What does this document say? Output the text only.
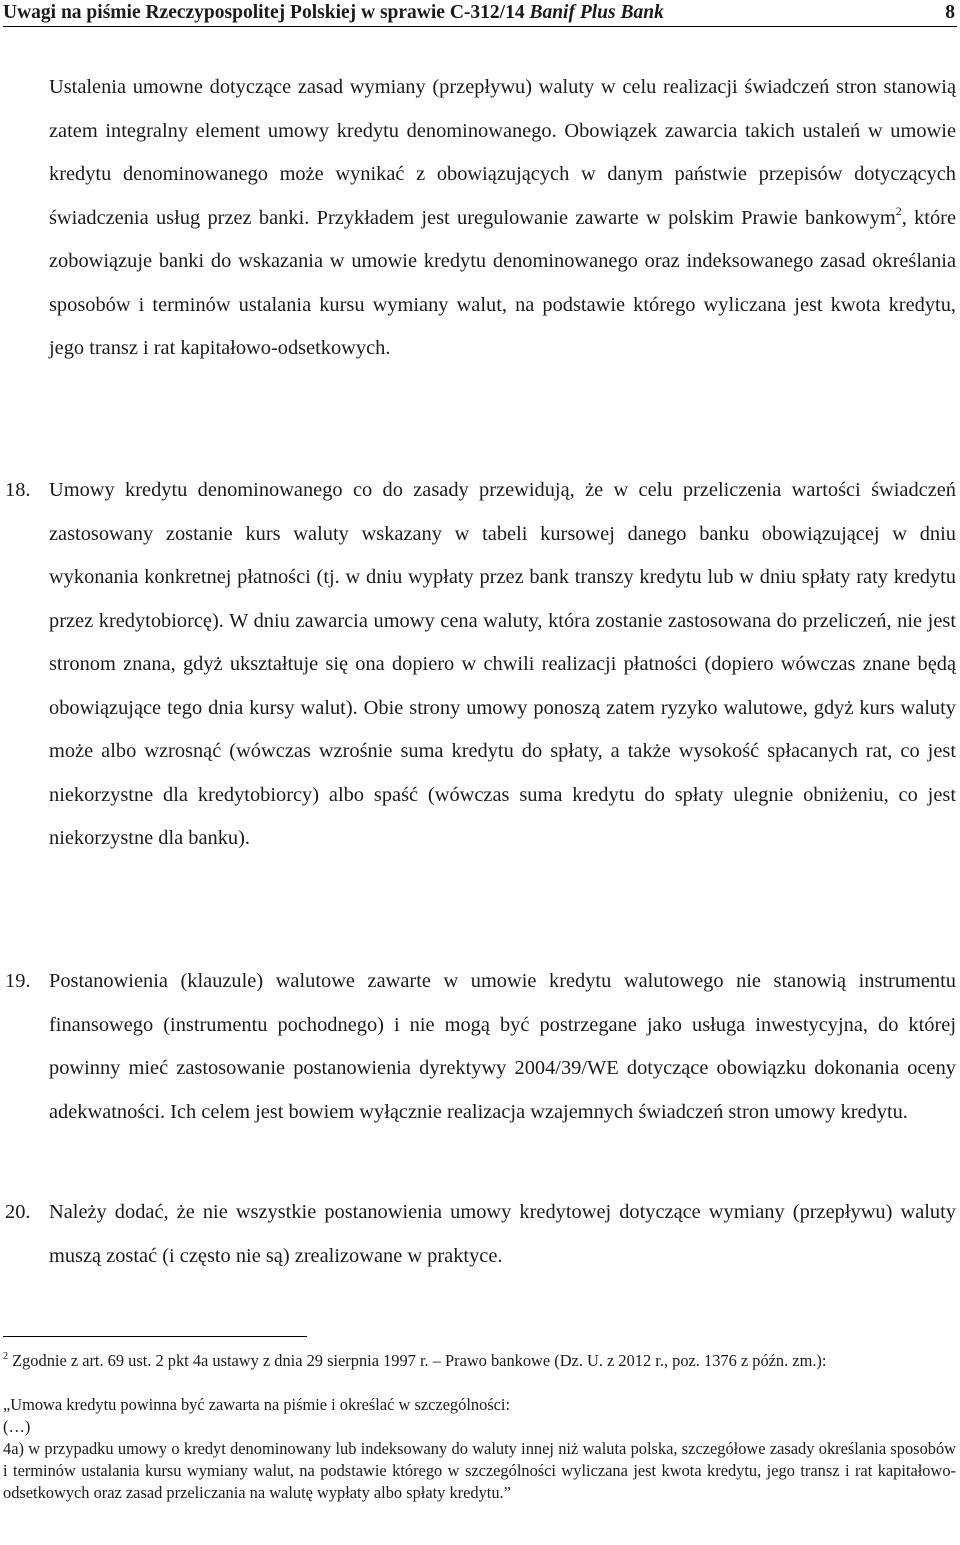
Uwagi na piśmie Rzeczypospolitej Polskiej w sprawie C-312/14 Banif Plus Bank	8

Ustalenia umowne dotyczące zasad wymiany (przepływu) waluty w celu realizacji świadczeń stron stanowią zatem integralny element umowy kredytu denominowanego. Obowiązek zawarcia takich ustaleń w umowie kredytu denominowanego może wynikać z obowiązujących w danym państwie przepisów dotyczących świadczenia usług przez banki. Przykładem jest uregulowanie zawarte w polskim Prawie bankowym$^2$, które zobowiązuje banki do wskazania w umowie kredytu denominowanego oraz indeksowanego zasad określania sposobów i terminów ustalania kursu wymiany walut, na podstawie którego wyliczana jest kwota kredytu, jego transz i rat kapitałowo-odsetkowych.

18. Umowy kredytu denominowanego co do zasady przewidują, że w celu przeliczenia wartości świadczeń zastosowany zostanie kurs waluty wskazany w tabeli kursowej danego banku obowiązującej w dniu wykonania konkretnej płatności (tj. w dniu wypłaty przez bank transzy kredytu lub w dniu spłaty raty kredytu przez kredytobiorcę). W dniu zawarcia umowy cena waluty, która zostanie zastosowana do przeliczeń, nie jest stronom znana, gdyż ukształtuje się ona dopiero w chwili realizacji płatności (dopiero wówczas znane będą obowiązujące tego dnia kursy walut). Obie strony umowy ponoszą zatem ryzyko walutowe, gdyż kurs waluty może albo wzrosnąć (wówczas wzrośnie suma kredytu do spłaty, a także wysokość spłacanych rat, co jest niekorzystne dla kredytobiorcy) albo spaść (wówczas suma kredytu do spłaty ulegnie obniżeniu, co jest niekorzystne dla banku).

19. Postanowienia (klauzule) walutowe zawarte w umowie kredytu walutowego nie stanowią instrumentu finansowego (instrumentu pochodnego) i nie mogą być postrzegane jako usługa inwestycyjna, do której powinny mieć zastosowanie postanowienia dyrektywy 2004/39/WE dotyczące obowiązku dokonania oceny adekwatności. Ich celem jest bowiem wyłącznie realizacja wzajemnych świadczeń stron umowy kredytu.

20. Należy dodać, że nie wszystkie postanowienia umowy kredytowej dotyczące wymiany (przepływu) waluty muszą zostać (i często nie są) zrealizowane w praktyce.

$^2$ Zgodnie z art. 69 ust. 2 pkt 4a ustawy z dnia 29 sierpnia 1997 r. – Prawo bankowe (Dz. U. z 2012 r., poz. 1376 z późn. zm.):

„Umowa kredytu powinna być zawarta na piśmie i określać w szczególności:

(…)

4a) w przypadku umowy o kredyt denominowany lub indeksowany do waluty innej niż waluta polska, szczegółowe zasady określania sposobów i terminów ustalania kursu wymiany walut, na podstawie którego w szczególności wyliczana jest kwota kredytu, jego transz i rat kapitałowo-odsetkowych oraz zasad przeliczania na walutę wypłaty albo spłaty kredytu.”
